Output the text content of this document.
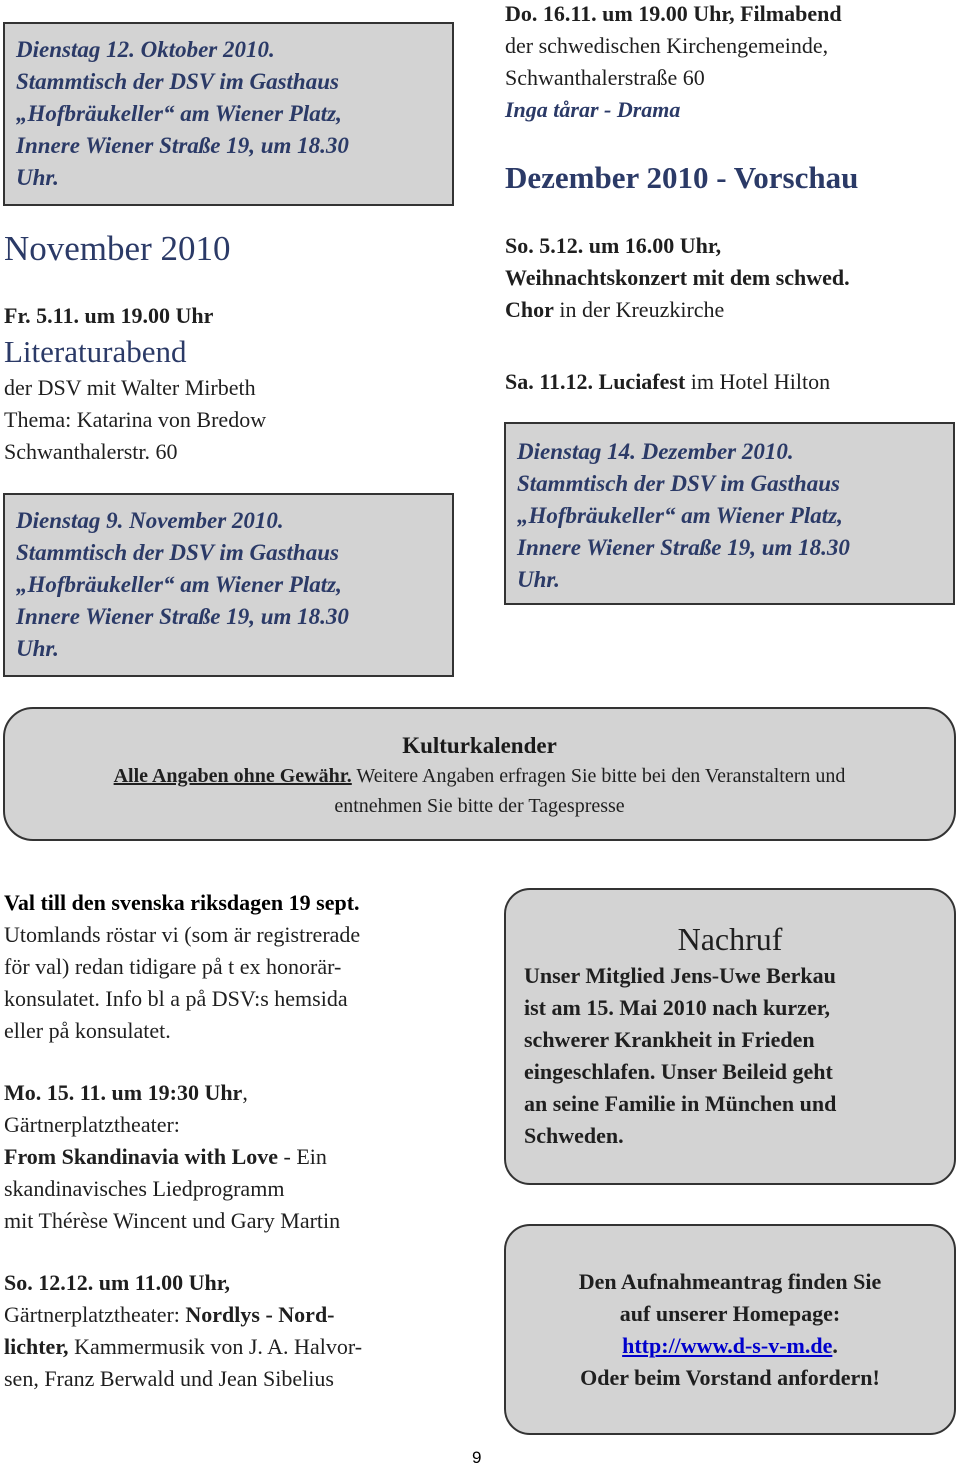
Dienstag 12. Oktober 2010.
Stammtisch der DSV im Gasthaus
„Hofbräukeller“ am Wiener Platz,
Innere Wiener Straße 19, um 18.30
Uhr.
November 2010
Fr. 5.11. um 19.00 Uhr
Literaturabend
der DSV mit Walter Mirbeth
Thema: Katarina von Bredow
Schwanthalerstr. 60
Dienstag 9. November 2010.
Stammtisch der DSV im Gasthaus
„Hofbräukeller“ am Wiener Platz,
Innere Wiener Straße 19, um 18.30
Uhr.
Do. 16.11. um 19.00 Uhr, Filmabend
der schwedischen Kirchengemeinde,
Schwanthalerstraße 60
Inga tårar - Drama
Dezember 2010 - Vorschau
So. 5.12. um 16.00 Uhr,
Weihnachtskonzert mit dem schwed.
Chor in der Kreuzkirche
Sa. 11.12. Luciafest im Hotel Hilton
Dienstag 14. Dezember 2010.
Stammtisch der DSV im Gasthaus
„Hofbräukeller“ am Wiener Platz,
Innere Wiener Straße 19, um 18.30
Uhr.
Kulturkalender
Alle Angaben ohne Gewähr. Weitere Angaben erfragen Sie bitte bei den Veranstaltern und
entnehmen Sie bitte der Tagespresse
Val till den svenska riksdagen 19 sept.
Utomlands röstar vi (som är registrerade
för val) redan tidigare på t ex honorär-
konsulatet. Info bl a på DSV:s hemsida
eller på konsulatet.
Mo. 15. 11. um 19:30 Uhr,
Gärtnerplatztheater:
From Skandinavia with Love - Ein
skandinavisches Liedprogramm
mit Thérèse Wincent und Gary Martin
So. 12.12. um 11.00 Uhr,
Gärtnerplatztheater: Nordlys - Nord-
lichter, Kammermusik von J. A. Halvor-
sen, Franz Berwald und Jean Sibelius
Nachruf
Unser Mitglied Jens-Uwe Berkau
ist am 15. Mai 2010 nach kurzer,
schwerer Krankheit in Frieden
eingeschlafen. Unser Beileid geht
an seine Familie in München und
Schweden.
Den Aufnahmeantrag finden Sie
auf unserer Homepage:
http://www.d-s-v-m.de.
Oder beim Vorstand anfordern!
9
